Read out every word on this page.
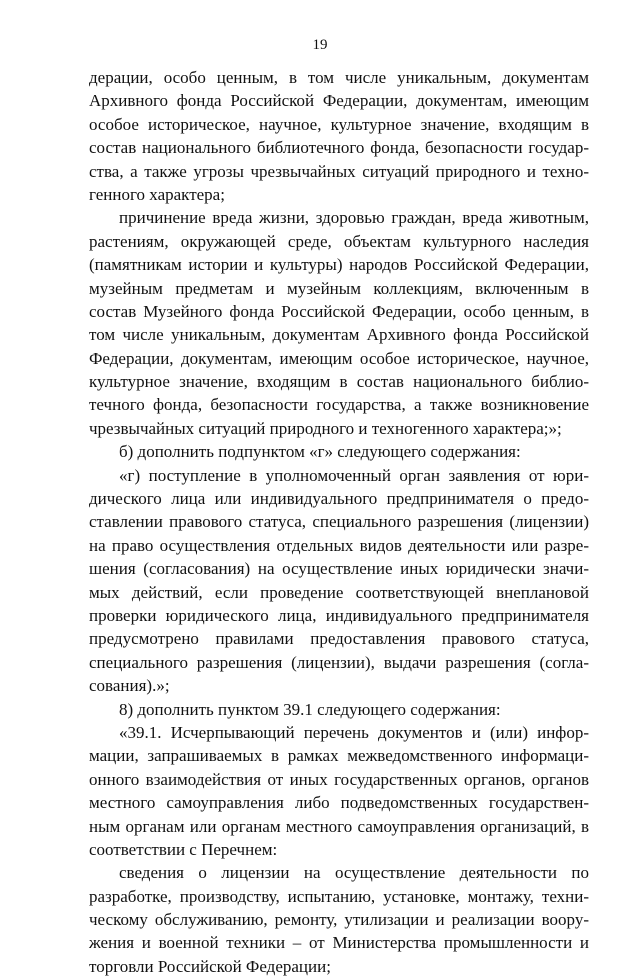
19
дерации, особо ценным, в том числе уникальным, документам
Архивного фонда Российской Федерации, документам, имеющим
особое историческое, научное, культурное значение, входящим в
состав национального библиотечного фонда, безопасности государ-
ства, а также угрозы чрезвычайных ситуаций природного и техно-
генного характера;
причинение вреда жизни, здоровью граждан, вреда животным,
растениям, окружающей среде, объектам культурного наследия
(памятникам истории и культуры) народов Российской Федерации,
музейным предметам и музейным коллекциям, включенным в
состав Музейного фонда Российской Федерации, особо ценным, в
том числе уникальным, документам Архивного фонда Российской
Федерации, документам, имеющим особое историческое, научное,
культурное значение, входящим в состав национального библио-
течного фонда, безопасности государства, а также возникновение
чрезвычайных ситуаций природного и техногенного характера;»;
б) дополнить подпунктом «г» следующего содержания:
«г) поступление в уполномоченный орган заявления от юри-
дического лица или индивидуального предпринимателя о предо-
ставлении правового статуса, специального разрешения (лицензии)
на право осуществления отдельных видов деятельности или разре-
шения (согласования) на осуществление иных юридически значи-
мых действий, если проведение соответствующей внеплановой
проверки юридического лица, индивидуального предпринимателя
предусмотрено правилами предоставления правового статуса,
специального разрешения (лицензии), выдачи разрешения (согла-
сования).»;
8) дополнить пунктом 39.1 следующего содержания:
«39.1. Исчерпывающий перечень документов и (или) инфор-
мации, запрашиваемых в рамках межведомственного информаци-
онного взаимодействия от иных государственных органов, органов
местного самоуправления либо подведомственных государствен-
ным органам или органам местного самоуправления организаций, в
соответствии с Перечнем:
сведения о лицензии на осуществление деятельности по
разработке, производству, испытанию, установке, монтажу, техни-
ческому обслуживанию, ремонту, утилизации и реализации воору-
жения и военной техники – от Министерства промышленности и
торговли Российской Федерации;
